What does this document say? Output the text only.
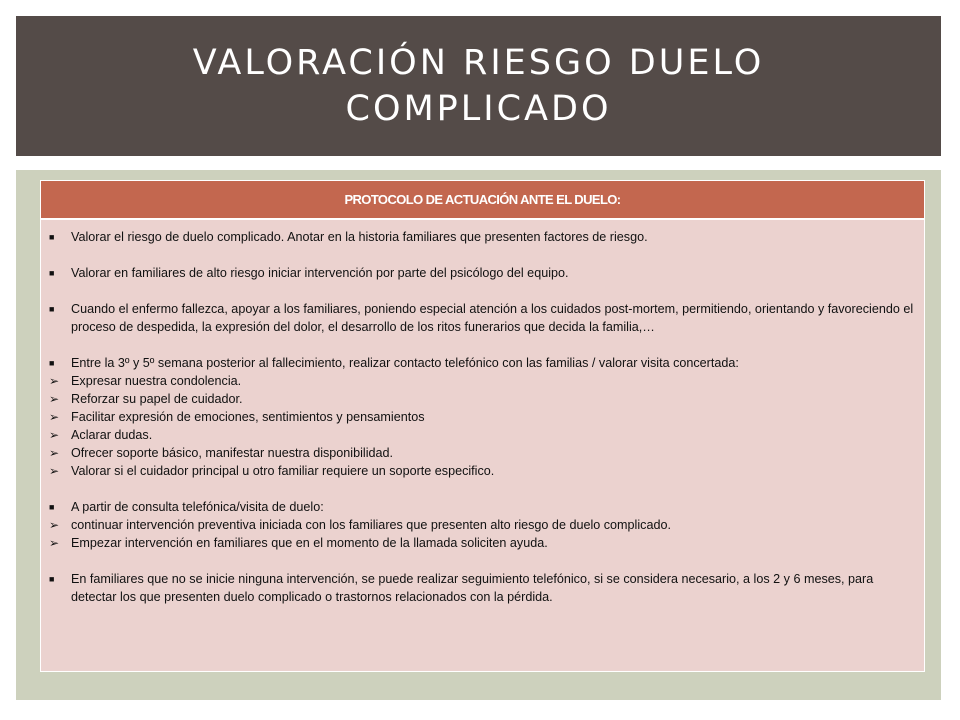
VALORACIÓN RIESGO DUELO
COMPLICADO
PROTOCOLO DE ACTUACIÓN ANTE EL DUELO:
■	Valorar el riesgo de duelo complicado. Anotar en la historia familiares que presenten factores de riesgo.
■	Valorar en familiares de alto riesgo iniciar intervención por parte del psicólogo del equipo.
■	Cuando el enfermo fallezca, apoyar a los familiares, poniendo especial atención a los cuidados post-mortem, permitiendo, orientando y favoreciendo el proceso de despedida, la expresión del dolor, el desarrollo de los ritos funerarios que decida la familia,…
■	Entre la 3º y 5º semana posterior al fallecimiento, realizar contacto telefónico con las familias / valorar visita concertada:
➢ Expresar nuestra condolencia.
➢ Reforzar su papel de cuidador.
➢ Facilitar expresión de emociones, sentimientos y pensamientos
➢ Aclarar dudas.
➢ Ofrecer soporte básico, manifestar nuestra disponibilidad.
➢ Valorar si el cuidador principal u otro familiar requiere un soporte especifico.
■	A partir de consulta telefónica/visita de duelo:
➢ continuar intervención preventiva iniciada con los familiares que presenten alto riesgo de duelo complicado.
➢ Empezar intervención en familiares que en el momento de la llamada soliciten ayuda.
■	En familiares que no se inicie ninguna intervención, se puede realizar seguimiento telefónico, si se considera necesario, a los 2 y 6 meses, para detectar los que presenten duelo complicado o trastornos relacionados con la pérdida.
